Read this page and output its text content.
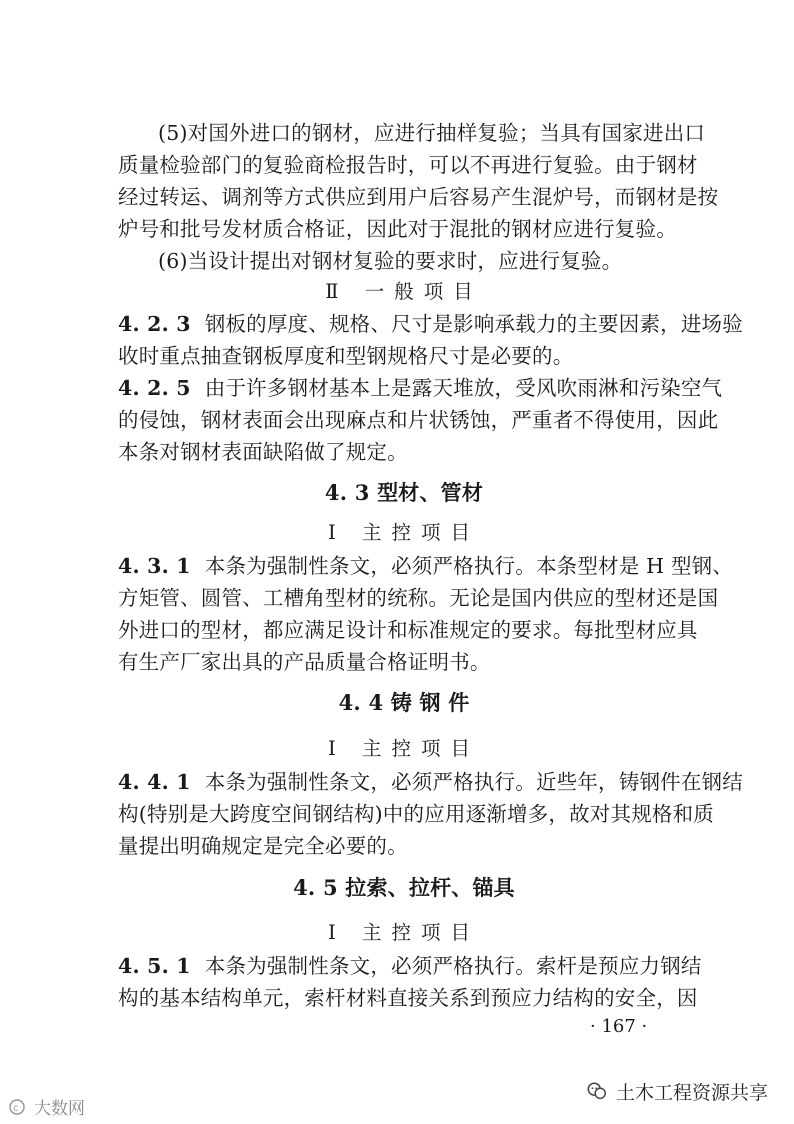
(5)对国外进口的钢材，应进行抽样复验；当具有国家进出口
质量检验部门的复验商检报告时，可以不再进行复验。由于钢材
经过转运、调剂等方式供应到用户后容易产生混炉号，而钢材是按
炉号和批号发材质合格证，因此对于混批的钢材应进行复验。
(6)当设计提出对钢材复验的要求时，应进行复验。
Ⅱ 一般项目
4. 2. 3 钢板的厚度、规格、尺寸是影响承载力的主要因素，进场验
收时重点抽查钢板厚度和型钢规格尺寸是必要的。
4. 2. 5 由于许多钢材基本上是露天堆放，受风吹雨淋和污染空气
的侵蚀，钢材表面会出现麻点和片状锈蚀，严重者不得使用，因此
本条对钢材表面缺陷做了规定。
4. 3 型材、管材
Ⅰ 主控项目
4. 3. 1 本条为强制性条文，必须严格执行。本条型材是 H 型钢、
方矩管、圆管、工槽角型材的统称。无论是国内供应的型材还是国
外进口的型材，都应满足设计和标准规定的要求。每批型材应具
有生产厂家出具的产品质量合格证明书。
4. 4 铸 钢 件
Ⅰ 主控项目
4. 4. 1 本条为强制性条文，必须严格执行。近些年，铸钢件在钢结
构(特别是大跨度空间钢结构)中的应用逐渐增多，故对其规格和质
量提出明确规定是完全必要的。
4. 5 拉索、拉杆、锚具
Ⅰ 主控项目
4. 5. 1 本条为强制性条文，必须严格执行。索杆是预应力钢结
构的基本结构单元，索杆材料直接关系到预应力结构的安全，因
· 167 ·
土木工程资源共享
c 大数网
